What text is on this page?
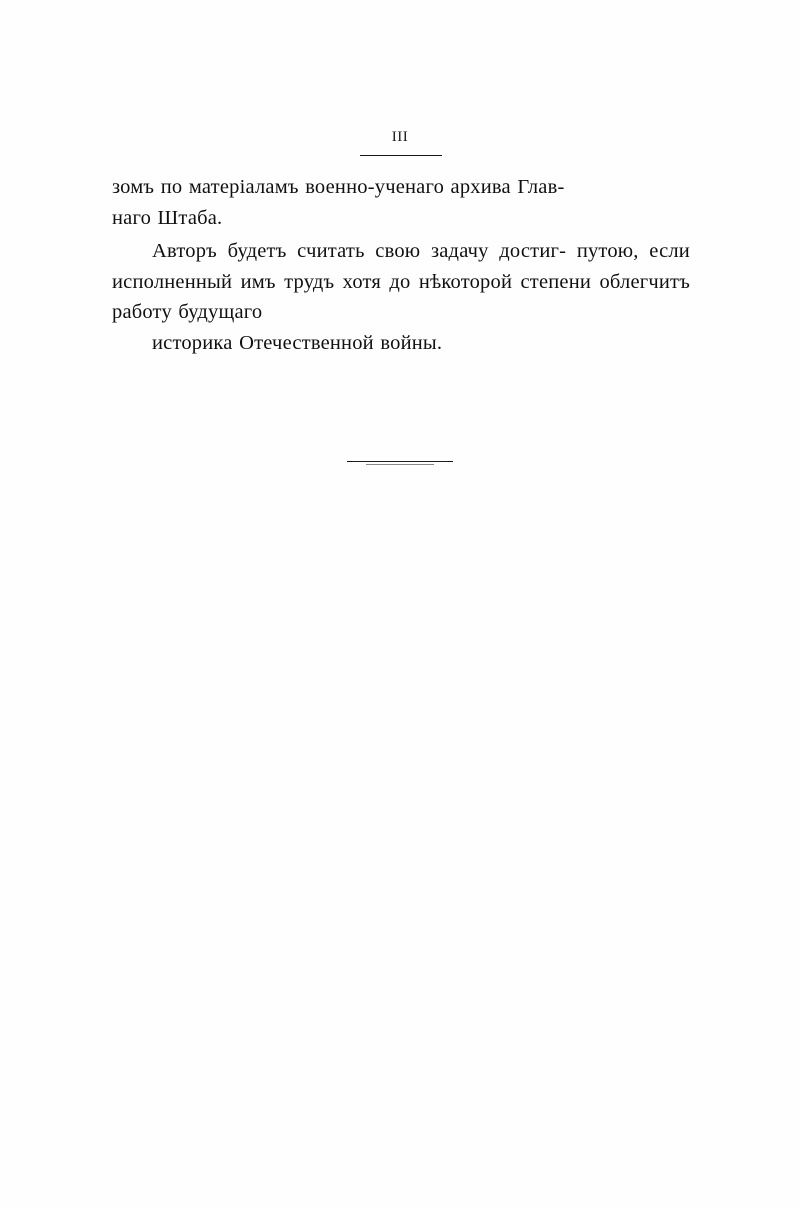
III

зомъ по матеріаламъ военно-ученаго архива Глав-
наго Штаба.

Авторъ будетъ считать свою задачу достиг- путою, если исполненный имъ трудъ хотя до нѣкоторой степени облегчитъ работу будущаго
историка Отечественной войны.
